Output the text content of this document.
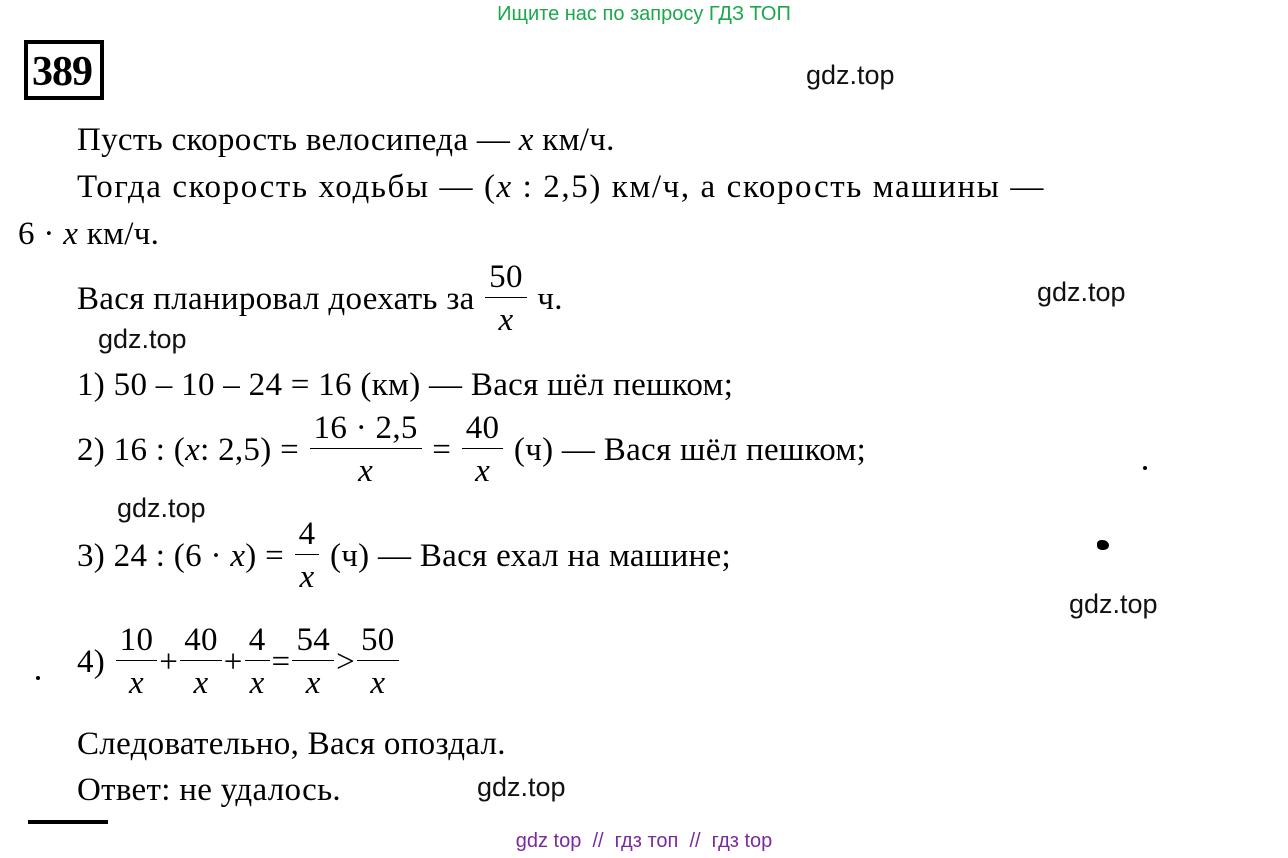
Ищите нас по запросу ГДЗ ТОП
389	gdz.top
gdz.top
gdz.top
gdz.top
gdz.top
gdz.top
Пусть скорость велосипеда — x км/ч.
Тогда скорость ходьбы — (x : 2,5) км/ч, а скорость машины —
6 · x км/ч.
Вася планировал доехать за $\frac{50}{x} ч$.
1) 50 – 10 – 24 = 16 (км) — Вася шёл пешком;
2) 16 : (x: $2,5) = \frac{16 \cdot 2,5}{x} = \frac{40}{x} (ч)$ — Вася шёл пешком;
3) 24 : $(6 \cdot x) = \frac{4}{x} (ч)$ — Вася ехал на машине;
$4) \frac{10}{x} + \frac{40}{x} + \frac{4}{x} = \frac{54}{x} > \frac{50}{x}$
Следовательно, Вася опоздал.
Ответ: не удалось.
gdz top  //  гдз топ  //  гдз top
